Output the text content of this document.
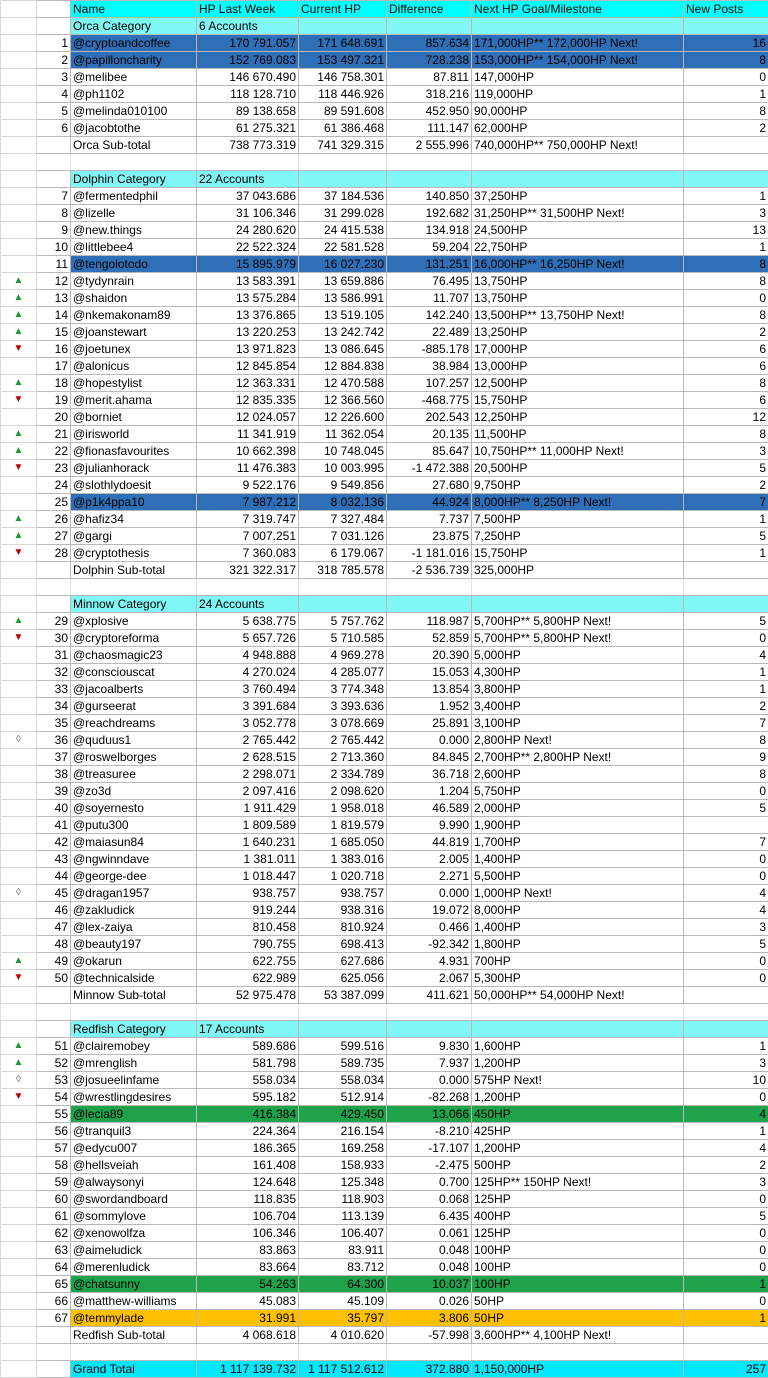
		Name	HP Last Week	Current HP	Difference	Next HP Goal/Milestone	New Posts
		Orca Category	6 Accounts				
	1	@cryptoandcoffee	170 791.057	171 648.691	857.634	171,000HP** 172,000HP Next!	16
	2	@papilloncharity	152 769.083	153 497.321	728.238	153,000HP** 154,000HP Next!	8
	3	@melibee	146 670.490	146 758.301	87.811	147,000HP	0
	4	@ph1102	118 128.710	118 446.926	318.216	119,000HP	1
	5	@melinda010100	89 138.658	89 591.608	452.950	90,000HP	8
	6	@jacobtothe	61 275.321	61 386.468	111.147	62,000HP	2
		Orca Sub-total	738 773.319	741 329.315	2 555.996	740,000HP** 750,000HP Next!	

		Dolphin Category	22 Accounts				
	7	@fermentedphil	37 043.686	37 184.536	140.850	37,250HP	1
	8	@lizelle	31 106.346	31 299.028	192.682	31,250HP** 31,500HP Next!	3
	9	@new.things	24 280.620	24 415.538	134.918	24,500HP	13
	10	@littlebee4	22 522.324	22 581.528	59.204	22,750HP	1
	11	@tengolotodo	15 895.979	16 027.230	131.251	16,000HP** 16,250HP Next!	8
▲	12	@tydynrain	13 583.391	13 659.886	76.495	13,750HP	8
▲	13	@shaidon	13 575.284	13 586.991	11.707	13,750HP	0
▲	14	@nkemakonam89	13 376.865	13 519.105	142.240	13,500HP** 13,750HP Next!	8
▲	15	@joanstewart	13 220.253	13 242.742	22.489	13,250HP	2
▼	16	@joetunex	13 971.823	13 086.645	-885.178	17,000HP	6
	17	@alonicus	12 845.854	12 884.838	38.984	13,000HP	6
▲	18	@hopestylist	12 363.331	12 470.588	107.257	12,500HP	8
▼	19	@merit.ahama	12 835.335	12 366.560	-468.775	15,750HP	6
	20	@borniet	12 024.057	12 226.600	202.543	12,250HP	12
▲	21	@irisworld	11 341.919	11 362.054	20.135	11,500HP	8
▲	22	@fionasfavourites	10 662.398	10 748.045	85.647	10,750HP** 11,000HP Next!	3
▼	23	@julianhorack	11 476.383	10 003.995	-1 472.388	20,500HP	5
	24	@slothlydoesit	9 522.176	9 549.856	27.680	9,750HP	2
	25	@p1k4ppa10	7 987.212	8 032.136	44.924	8,000HP** 8,250HP Next!	7
▲	26	@hafiz34	7 319.747	7 327.484	7.737	7,500HP	1
▲	27	@gargi	7 007.251	7 031.126	23.875	7,250HP	5
▼	28	@cryptothesis	7 360.083	6 179.067	-1 181.016	15,750HP	1
		Dolphin Sub-total	321 322.317	318 785.578	-2 536.739	325,000HP	

		Minnow Category	24 Accounts				
▲	29	@xplosive	5 638.775	5 757.762	118.987	5,700HP** 5,800HP Next!	5
▼	30	@cryptoreforma	5 657.726	5 710.585	52.859	5,700HP** 5,800HP Next!	0
	31	@chaosmagic23	4 948.888	4 969.278	20.390	5,000HP	4
	32	@consciouscat	4 270.024	4 285.077	15.053	4,300HP	1
	33	@jacoalberts	3 760.494	3 774.348	13.854	3,800HP	1
	34	@gurseerat	3 391.684	3 393.636	1.952	3,400HP	2
	35	@reachdreams	3 052.778	3 078.669	25.891	3,100HP	7
◊	36	@quduus1	2 765.442	2 765.442	0.000	2,800HP Next!	8
	37	@roswelborges	2 628.515	2 713.360	84.845	2,700HP** 2,800HP Next!	9
	38	@treasuree	2 298.071	2 334.789	36.718	2,600HP	8
	39	@zo3d	2 097.416	2 098.620	1.204	5,750HP	0
	40	@soyernesto	1 911.429	1 958.018	46.589	2,000HP	5
	41	@putu300	1 809.589	1 819.579	9.990	1,900HP	
	42	@maiasun84	1 640.231	1 685.050	44.819	1,700HP	7
	43	@ngwinndave	1 381.011	1 383.016	2.005	1,400HP	0
	44	@george-dee	1 018.447	1 020.718	2.271	5,500HP	0
◊	45	@dragan1957	938.757	938.757	0.000	1,000HP Next!	4
	46	@zakludick	919.244	938.316	19.072	8,000HP	4
	47	@lex-zaiya	810.458	810.924	0.466	1,400HP	3
	48	@beauty197	790.755	698.413	-92.342	1,800HP	5
▲	49	@okarun	622.755	627.686	4.931	700HP	0
▼	50	@technicalside	622.989	625.056	2.067	5,300HP	0
		Minnow Sub-total	52 975.478	53 387.099	411.621	50,000HP** 54,000HP Next!	

		Redfish Category	17 Accounts				
▲	51	@clairemobey	589.686	599.516	9.830	1,600HP	1
▲	52	@mrenglish	581.798	589.735	7.937	1,200HP	3
◊	53	@josueelinfame	558.034	558.034	0.000	575HP Next!	10
▼	54	@wrestlingdesires	595.182	512.914	-82.268	1,200HP	0
	55	@lecia89	416.384	429.450	13.066	450HP	4
	56	@tranquil3	224.364	216.154	-8.210	425HP	1
	57	@edycu007	186.365	169.258	-17.107	1,200HP	4
	58	@hellsveiah	161.408	158.933	-2.475	500HP	2
	59	@alwaysonyi	124.648	125.348	0.700	125HP** 150HP Next!	3
	60	@swordandboard	118.835	118.903	0.068	125HP	0
	61	@sommylove	106.704	113.139	6.435	400HP	5
	62	@xenowolfza	106.346	106.407	0.061	125HP	0
	63	@aimeludick	83.863	83.911	0.048	100HP	0
	64	@merenludick	83.664	83.712	0.048	100HP	0
	65	@chatsunny	54.263	64.300	10.037	100HP	1
	66	@matthew-williams	45.083	45.109	0.026	50HP	0
	67	@temmylade	31.991	35.797	3.806	50HP	1
		Redfish Sub-total	4 068.618	4 010.620	-57.998	3,600HP** 4,100HP Next!	

		Grand Total	1 117 139.732	1 117 512.612	372.880	1,150,000HP	257
